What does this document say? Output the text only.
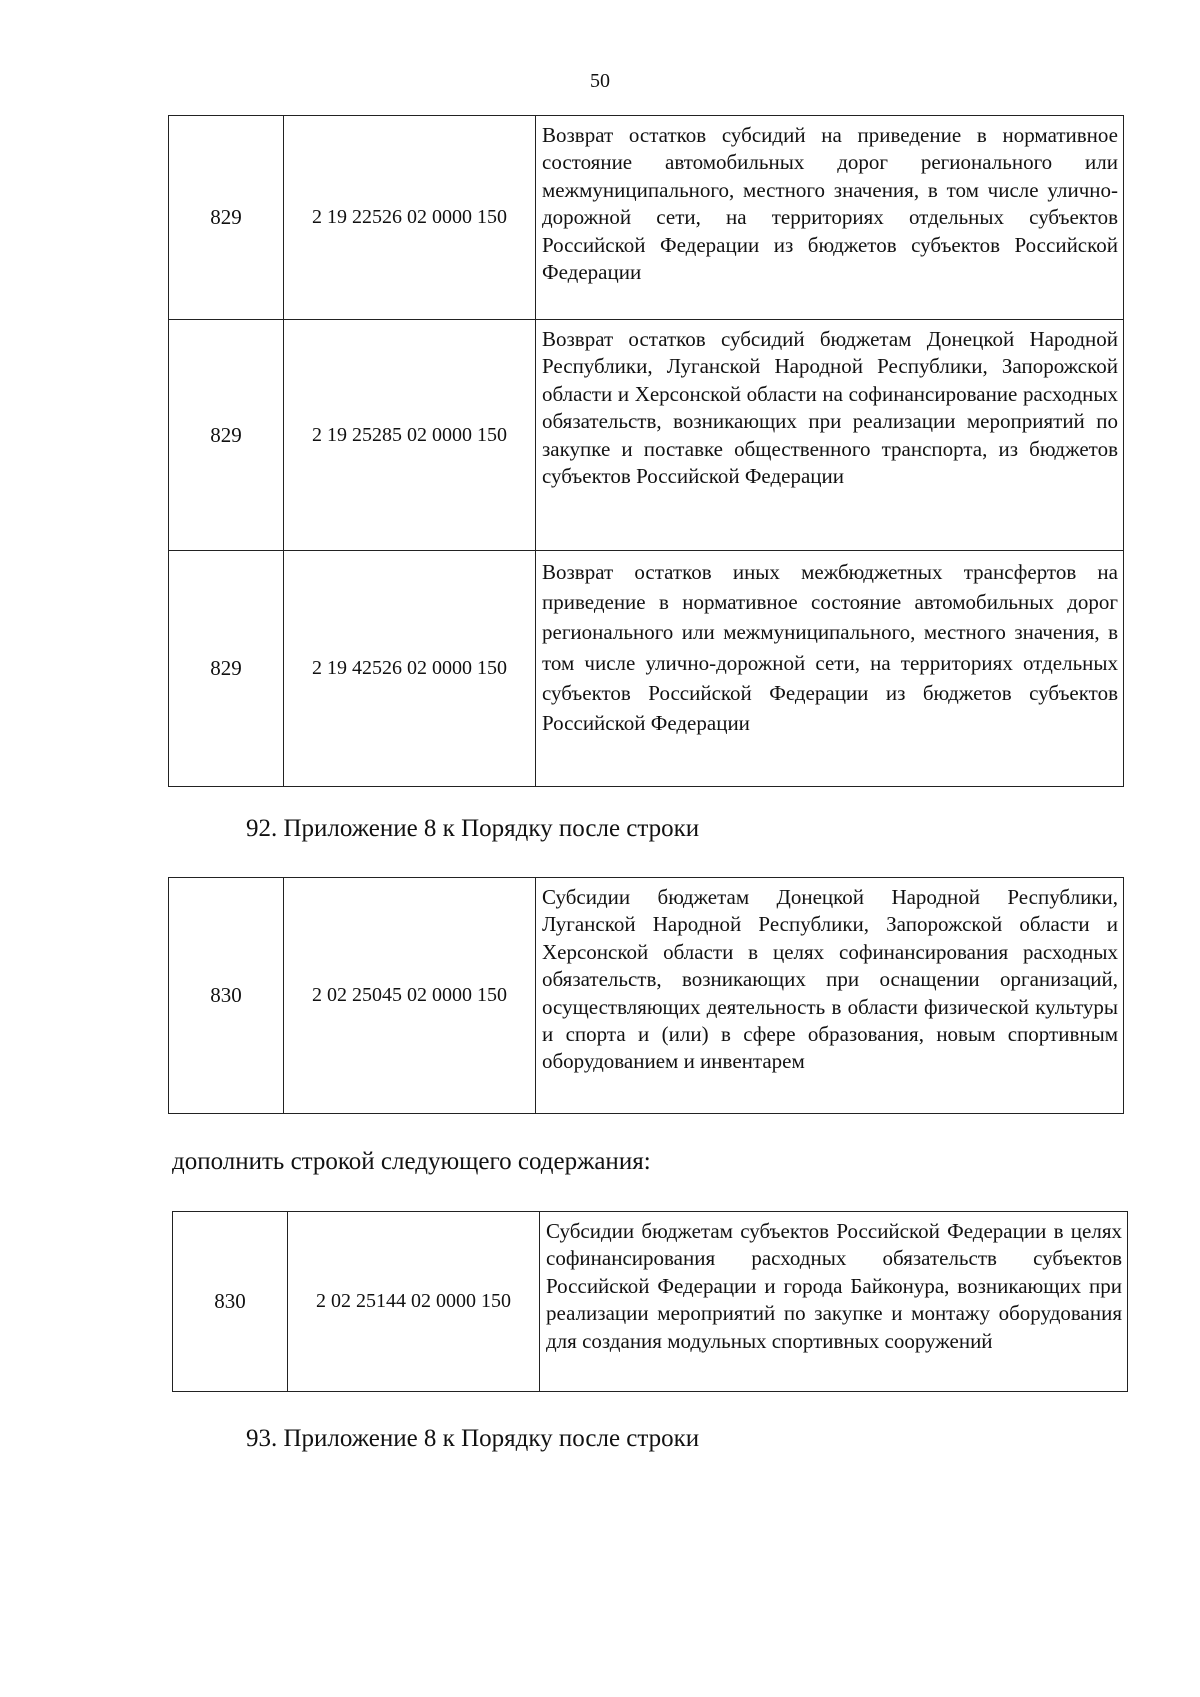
50
829	2 19 22526 02 0000 150	Возврат остатков субсидий на приведение в нормативное состояние автомобильных дорог регионального или межмуниципального, местного значения, в том числе улично-дорожной сети, на территориях отдельных субъектов Российской Федерации из бюджетов субъектов Российской Федерации
829	2 19 25285 02 0000 150	Возврат остатков субсидий бюджетам Донецкой Народной Республики, Луганской Народной Республики, Запорожской области и Херсонской области на софинансирование расходных обязательств, возникающих при реализации мероприятий по закупке и поставке общественного транспорта, из бюджетов субъектов Российской Федерации
829	2 19 42526 02 0000 150	Возврат остатков иных межбюджетных трансфертов на приведение в нормативное состояние автомобильных дорог регионального или межмуниципального, местного значения, в том числе улично-дорожной сети, на территориях отдельных субъектов Российской Федерации из бюджетов субъектов Российской Федерации
92. Приложение 8 к Порядку после строки
830	2 02 25045 02 0000 150	Субсидии бюджетам Донецкой Народной Республики, Луганской Народной Республики, Запорожской области и Херсонской области в целях софинансирования расходных обязательств, возникающих при оснащении организаций, осуществляющих деятельность в области физической культуры и спорта и (или) в сфере образования, новым спортивным оборудованием и инвентарем
дополнить строкой следующего содержания:
830	2 02 25144 02 0000 150	Субсидии бюджетам субъектов Российской Федерации в целях софинансирования расходных обязательств субъектов Российской Федерации и города Байконура, возникающих при реализации мероприятий по закупке и монтажу оборудования для создания модульных спортивных сооружений
93. Приложение 8 к Порядку после строки
